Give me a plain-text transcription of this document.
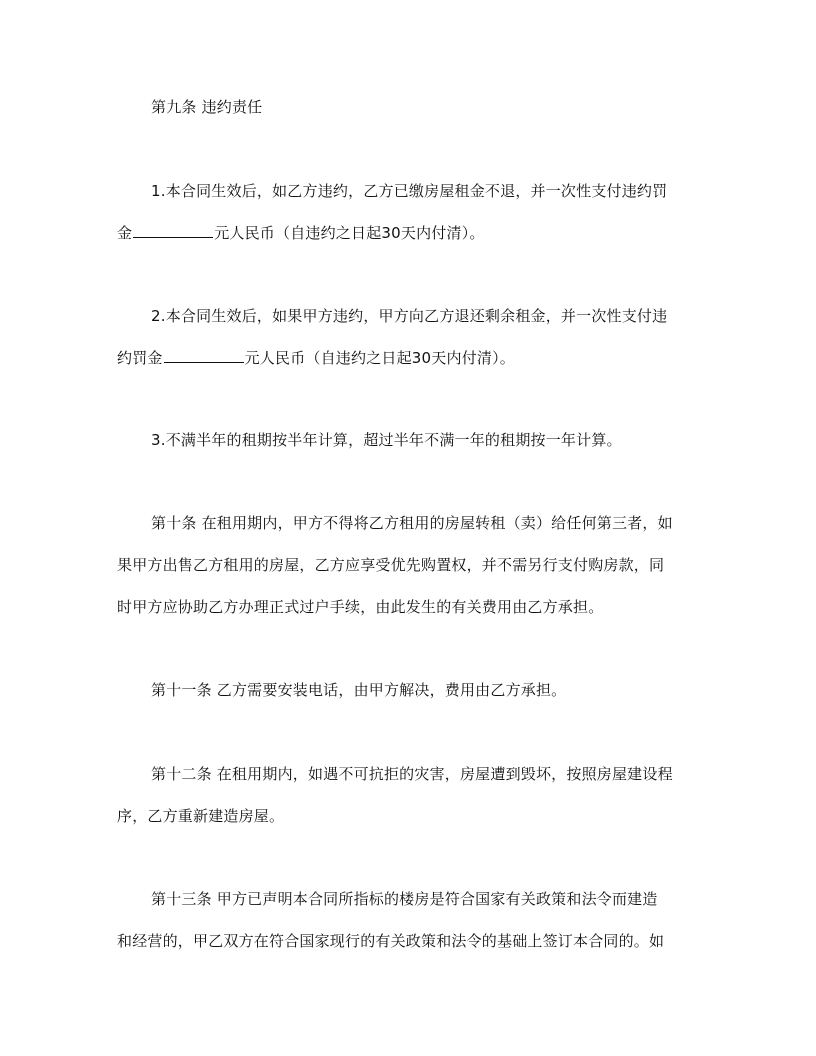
第九条 违约责任
1.本合同生效后，如乙方违约，乙方已缴房屋租金不退，并一次性支付违约罚
金	元人民币（自违约之日起30天内付清）。
2.本合同生效后，如果甲方违约，甲方向乙方退还剩余租金，并一次性支付违
约罚金	元人民币（自违约之日起30天内付清）。
3.不满半年的租期按半年计算，超过半年不满一年的租期按一年计算。
第十条 在租用期内，甲方不得将乙方租用的房屋转租（卖）给任何第三者，如
果甲方出售乙方租用的房屋，乙方应享受优先购置权，并不需另行支付购房款，同
时甲方应协助乙方办理正式过户手续，由此发生的有关费用由乙方承担。
第十一条 乙方需要安装电话，由甲方解决，费用由乙方承担。
第十二条 在租用期内，如遇不可抗拒的灾害，房屋遭到毁坏，按照房屋建设程
序，乙方重新建造房屋。
第十三条 甲方已声明本合同所指标的楼房是符合国家有关政策和法令而建造
和经营的，甲乙双方在符合国家现行的有关政策和法令的基础上签订本合同的。如
